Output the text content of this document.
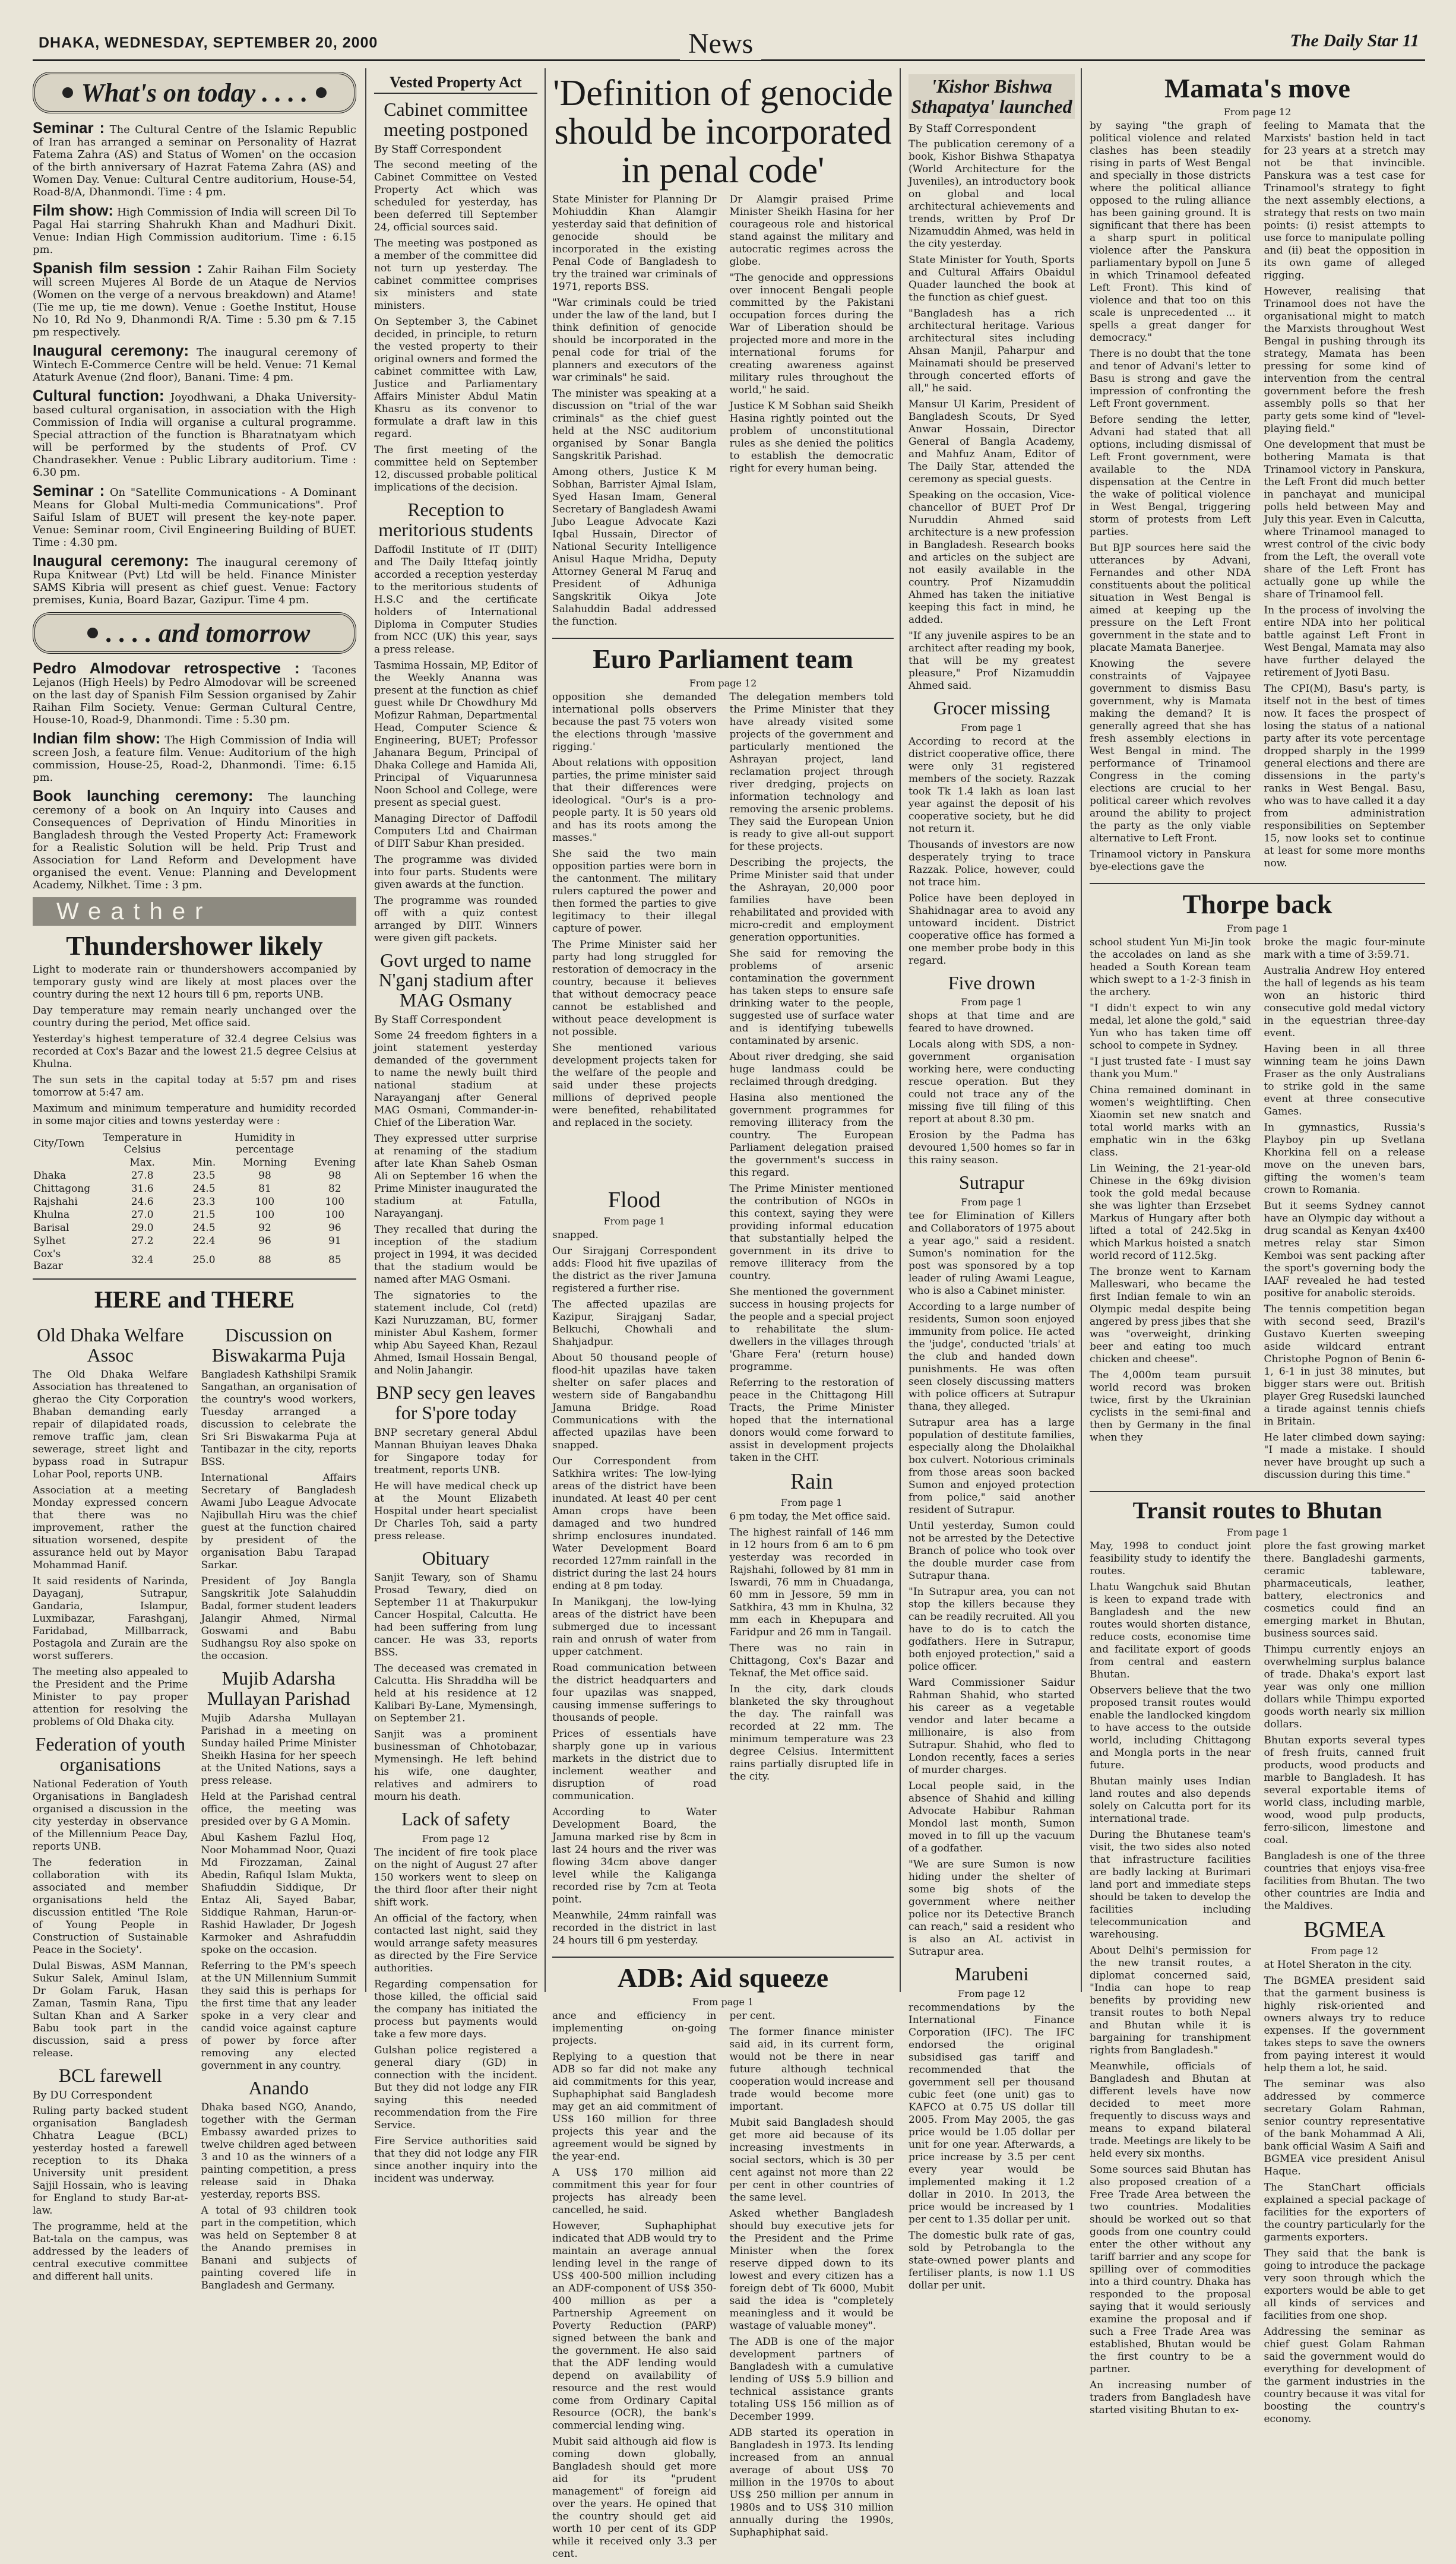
DHAKA, WEDNESDAY, SEPTEMBER 20, 2000	News	The Daily Star 11
What's on today . . . .

Seminar : The Cultural Centre of the Islamic Republic of Iran has arranged a seminar on Personality of Hazrat Fatema Zahra (AS) and Status of Women' on the occasion of the birth anniversary of Hazrat Fatema Zahra (AS) and Women Day. Venue: Cultural Centre auditorium, House-54, Road-8/A, Dhanmondi. Time : 4 pm.

Film show: High Commission of India will screen Dil To Pagal Hai starring Shahrukh Khan and Madhuri Dixit. Venue: Indian High Commission auditorium. Time : 6.15 pm.

Spanish film session : Zahir Raihan Film Society will screen Mujeres Al Borde de un Ataque de Nervios (Women on the verge of a nervous breakdown) and Atame! (Tie me up, tie me down). Venue : Goethe Institut, House No 10, Rd No 9, Dhanmondi R/A. Time : 5.30 pm & 7.15 pm respectively.

Inaugural ceremony: The inaugural ceremony of Wintech E-Commerce Centre will be held. Venue: 71 Kemal Ataturk Avenue (2nd floor), Banani. Time: 4 pm.

Cultural function: Joyodhwani, a Dhaka University-based cultural organisation, in association with the High Commission of India will organise a cultural programme. Special attraction of the function is Bharatnatyam which will be performed by the students of Prof. CV Chandrasekher. Venue : Public Library auditorium. Time : 6.30 pm.

Seminar : On "Satellite Communications - A Dominant Means for Global Multi-media Communications". Prof Saiful Islam of BUET will present the key-note paper. Venue: Seminar room, Civil Engineering Building of BUET. Time : 4.30 pm.

Inaugural ceremony: The inaugural ceremony of Rupa Knitwear (Pvt) Ltd will be held. Finance Minister SAMS Kibria will present as chief guest. Venue: Factory premises, Kunia, Board Bazar, Gazipur. Time 4 pm.

. . . . and tomorrow

Pedro Almodovar retrospective : Tacones Lejanos (High Heels) by Pedro Almodovar will be screened on the last day of Spanish Film Session organised by Zahir Raihan Film Society. Venue: German Cultural Centre, House-10, Road-9, Dhanmondi. Time : 5.30 pm.

Indian film show: The High Commission of India will screen Josh, a feature film. Venue: Auditorium of the high commission, House-25, Road-2, Dhanmondi. Time: 6.15 pm.

Book launching ceremony: The launching ceremony of a book on An Inquiry into Causes and Consequences of Deprivation of Hindu Minorities in Bangladesh through the Vested Property Act: Framework for a Realistic Solution will be held. Prip Trust and Association for Land Reform and Development have organised the event. Venue: Planning and Development Academy, Nilkhet. Time : 3 pm.

Weather
Thundershower likely

Light to moderate rain or thundershowers accompanied by temporary gusty wind are likely at most places over the country during the next 12 hours till 6 pm, reports UNB.

Day temperature may remain nearly unchanged over the country during the period, Met office said.

Yesterday's highest temperature of 32.4 degree Celsius was recorded at Cox's Bazar and the lowest 21.5 degree Celsius at Khulna.

The sun sets in the capital today at 5:57 pm and rises tomorrow at 5:47 am.

Maximum and minimum temperature and humidity recorded in some major cities and towns yesterday were :

City/Town	Temperature in Celsius		Humidity in percentage	
	Max.	Min.	Morning	Evening
Dhaka	27.8	23.5	98	98
Chittagong	31.6	24.5	81	82
Rajshahi	24.6	23.3	100	100
Khulna	27.0	21.5	100	100
Barisal	29.0	24.5	92	96
Sylhet	27.2	22.4	96	91
Cox's Bazar	32.4	25.0	88	85
HERE and THERE
Old Dhaka Welfare Assoc

The Old Dhaka Welfare Association has threatened to gherao the City Corporation Bhaban demanding early repair of dilapidated roads, remove traffic jam, clean sewerage, street light and bypass road in Sutrapur Lohar Pool, reports UNB.

Association at a meeting Monday expressed concern that there was no improvement, rather the situation worsened, despite assurance held out by Mayor Mohammad Hanif.

It said residents of Narinda, Dayaganj, Sutrapur, Gandaria, Islampur, Luxmibazar, Farashganj, Faridabad, Millbarrack, Postagola and Zurain are the worst sufferers.

The meeting also appealed to the President and the Prime Minister to pay proper attention for resolving the problems of Old Dhaka city.

Federation of youth organisations

National Federation of Youth Organisations in Bangladesh organised a discussion in the city yesterday in observance of the Millennium Peace Day, reports UNB.

The federation in collaboration with its associated and member organisations held the discussion entitled 'The Role of Young People in Construction of Sustainable Peace in the Society'.

Dulal Biswas, ASM Mannan, Sukur Salek, Aminul Islam, Dr Golam Faruk, Hasan Zaman, Tasmin Rana, Tipu Sultan Khan and A Sarker Babu took part in the discussion, said a press release.

BCL farewell
By DU Correspondent

Ruling party backed student organisation Bangladesh Chhatra League (BCL) yesterday hosted a farewell reception to its Dhaka University unit president Sajjil Hossain, who is leaving for England to study Bar-at-law.

The programme, held at the Bat-tala on the campus, was addressed by the leaders of central executive committee and different hall units.

Discussion on Biswakarma Puja

Bangladesh Kathshilpi Sramik Sangathan, an organisation of the country's wood workers, Tuesday arranged a discussion to celebrate the Sri Sri Biswakarma Puja at Tantibazar in the city, reports BSS.

International Affairs Secretary of Bangladesh Awami Jubo League Advocate Najibullah Hiru was the chief guest at the function chaired by president of the organisation Babu Tarapad Sarkar.

President of Joy Bangla Sangskritik Jote Salahuddin Badal, former student leaders Jalangir Ahmed, Nirmal Goswami and Babu Sudhangsu Roy also spoke on the occasion.

Mujib Adarsha Mullayan Parishad

Mujib Adarsha Mullayan Parishad in a meeting on Sunday hailed Prime Minister Sheikh Hasina for her speech at the United Nations, says a press release.

Held at the Parishad central office, the meeting was presided over by G A Momin.

Abul Kashem Fazlul Hoq, Noor Mohammad Noor, Quazi Md Firozzaman, Zainal Abedin, Rafiqul Islam Mukta, Shafiuddin Siddique, Dr Entaz Ali, Sayed Babar, Siddique Rahman, Harun-or-Rashid Hawlader, Dr Jogesh Karmoker and Ashrafuddin spoke on the occasion.

Referring to the PM's speech at the UN Millennium Summit they said this is perhaps for the first time that any leader spoke in a very clear and candid voice against capture of power by force after removing any elected government in any country.

Anando

Dhaka based NGO, Anando, together with the German Embassy awarded prizes to twelve children aged between 3 and 10 as the winners of a painting competition, a press release said in Dhaka yesterday, reports BSS.

A total of 93 children took part in the competition, which was held on September 8 at the Anando premises in Banani and subjects of painting covered life in Bangladesh and Germany.

Vested Property Act
Cabinet committee meeting postponed
By Staff Correspondent

The second meeting of the Cabinet Committee on Vested Property Act which was scheduled for yesterday, has been deferred till September 24, official sources said.

The meeting was postponed as a member of the committee did not turn up yesterday. The cabinet committee comprises six ministers and state ministers.

On September 3, the Cabinet decided, in principle, to return the vested property to their original owners and formed the cabinet committee with Law, Justice and Parliamentary Affairs Minister Abdul Matin Khasru as its convenor to formulate a draft law in this regard.

The first meeting of the committee held on September 12, discussed probable political implications of the decision.

Reception to meritorious students

Daffodil Institute of IT (DIIT) and The Daily Ittefaq jointly accorded a reception yesterday to the meritorious students of H.S.C and the certificate holders of International Diploma in Computer Studies from NCC (UK) this year, says a press release.

Tasmima Hossain, MP, Editor of the Weekly Ananna was present at the function as chief guest while Dr Chowdhury Md Mofizur Rahman, Departmental Head, Computer Science & Engineering, BUET; Professor Jahanara Begum, Principal of Dhaka College and Hamida Ali, Principal of Viquarunnesa Noon School and College, were present as special guest.

Managing Director of Daffodil Computers Ltd and Chairman of DIIT Sabur Khan presided.

The programme was divided into four parts. Students were given awards at the function.

The programme was rounded off with a quiz contest arranged by DIIT. Winners were given gift packets.

Govt urged to name N'ganj stadium after MAG Osmany
By Staff Correspondent

Some 24 freedom fighters in a joint statement yesterday demanded of the government to name the newly built third national stadium at Narayanganj after General MAG Osmani, Commander-in-Chief of the Liberation War.

They expressed utter surprise at renaming of the stadium after late Khan Saheb Osman Ali on September 16 when the Prime Minister inaugurated the stadium at Fatulla, Narayanganj.

They recalled that during the inception of the stadium project in 1994, it was decided that the stadium would be named after MAG Osmani.

The signatories to the statement include, Col (retd) Kazi Nuruzzaman, BU, former minister Abul Kashem, former whip Abu Sayeed Khan, Rezaul Ahmed, Ismail Hossain Bengal, and Nolin Jahangir.

BNP secy gen leaves for S'pore today

BNP secretary general Abdul Mannan Bhuiyan leaves Dhaka for Singapore today for treatment, reports UNB.

He will have medical check up at the Mount Elizabeth Hospital under heart specialist Dr Charles Toh, said a party press release.

Obituary

Sanjit Tewary, son of Shamu Prosad Tewary, died on September 11 at Thakurpukur Cancer Hospital, Calcutta. He had been suffering from lung cancer. He was 33, reports BSS.

The deceased was cremated in Calcutta. His Shraddha will be held at his residence at 12 Kalibari By-Lane, Mymensingh, on September 21.

Sanjit was a prominent businessman of Chhotobazar, Mymensingh. He left behind his wife, one daughter, relatives and admirers to mourn his death.

Lack of safety
From page 12

The incident of fire took place on the night of August 27 after 150 workers went to sleep on the third floor after their night shift work.

An official of the factory, when contacted last night, said they would arrange safety measures as directed by the Fire Service authorities.

Regarding compensation for those killed, the official said the company has initiated the process but payments would take a few more days.

Gulshan police registered a general diary (GD) in connection with the incident. But they did not lodge any FIR saying this needed recommendation from the Fire Service.

Fire Service authorities said that they did not lodge any FIR since another inquiry into the incident was underway.

'Definition of genocide should be incorporated in penal code'

State Minister for Planning Dr Mohiuddin Khan Alamgir yesterday said that definition of genocide should be incorporated in the existing Penal Code of Bangladesh to try the trained war criminals of 1971, reports BSS.

"War criminals could be tried under the law of the land, but I think definition of genocide should be incorporated in the penal code for trial of the planners and executors of the war criminals" he said.

The minister was speaking at a discussion on "trial of the war criminals" as the chief guest held at the NSC auditorium organised by Sonar Bangla Sangskritik Parishad.

Among others, Justice K M Sobhan, Barrister Ajmal Islam, Syed Hasan Imam, General Secretary of Bangladesh Awami Jubo League Advocate Kazi Iqbal Hussain, Director of National Security Intelligence Anisul Haque Mridha, Deputy Attorney General M Faruq and President of Adhuniga Sangskritik Oikya Jote Salahuddin Badal addressed the function.

Dr Alamgir praised Prime Minister Sheikh Hasina for her courageous role and historical stand against the military and autocratic regimes across the globe.

"The genocide and oppressions over innocent Bengali people committed by the Pakistani occupation forces during the War of Liberation should be projected more and more in the international forums for creating awareness against military rules throughout the world," he said.

Justice K M Sobhan said Sheikh Hasina rightly pointed out the problem of unconstitutional rules as she denied the politics to establish the democratic right for every human being.

Euro Parliament team
From page 12

opposition she demanded international polls observers because the past 75 voters won the elections through 'massive rigging.'

About relations with opposition parties, the prime minister said that their differences were ideological. "Our's is a pro-people party. It is 50 years old and has its roots among the masses."

She said the two main opposition parties were born in the cantonment. The military rulers captured the power and then formed the parties to give legitimacy to their illegal capture of power.

The Prime Minister said her party had long struggled for restoration of democracy in the country, because it believes that without democracy peace cannot be established and without peace development is not possible.

She mentioned various development projects taken for the welfare of the people and said under these projects millions of deprived people were benefited, rehabilitated and replaced in the society.

The delegation members told the Prime Minister that they have already visited some projects of the government and particularly mentioned the Ashrayan project, land reclamation project through river dredging, projects on information technology and removing the arsenic problems. They said the European Union is ready to give all-out support for these projects.

Describing the projects, the Prime Minister said that under the Ashrayan, 20,000 poor families have been rehabilitated and provided with micro-credit and employment generation opportunities.

She said for removing the problems of arsenic contamination the government has taken steps to ensure safe drinking water to the people, suggested use of surface water and is identifying tubewells contaminated by arsenic.

About river dredging, she said huge landmass could be reclaimed through dredging.

Hasina also mentioned the government programmes for removing illiteracy from the country. The European Parliament delegation praised the government's success in this regard.

Flood
From page 1

snapped.

Our Sirajganj Correspondent adds: Flood hit five upazilas of the district as the river Jamuna registered a further rise.

The affected upazilas are Kazipur, Sirajganj Sadar, Belkuchi, Chowhali and Shahjadpur.

About 50 thousand people of flood-hit upazilas have taken shelter on safer places and western side of Bangabandhu Jamuna Bridge. Road Communications with the affected upazilas have been snapped.

Our Correspondent from Satkhira writes: The low-lying areas of the district have been inundated. At least 40 per cent Aman crops have been damaged and two hundred shrimp enclosures inundated. Water Development Board recorded 127mm rainfall in the district during the last 24 hours ending at 8 pm today.

In Manikganj, the low-lying areas of the district have been submerged due to incessant rain and onrush of water from upper catchment.

Road communication between the district headquarters and four upazilas was snapped, causing immense sufferings to thousands of people.

Prices of essentials have sharply gone up in various markets in the district due to inclement weather and disruption of road communication.

According to Water Development Board, the Jamuna marked rise by 8cm in last 24 hours and the river was flowing 34cm above danger level while the Kaliganga recorded rise by 7cm at Teota point.

Meanwhile, 24mm rainfall was recorded in the district in last 24 hours till 6 pm yesterday.

The Prime Minister mentioned the contribution of NGOs in this context, saying they were providing informal education that substantially helped the government in its drive to remove illiteracy from the country.

She mentioned the government success in housing projects for the people and a special project to rehabilitate the slum-dwellers in the villages through 'Ghare Fera' (return house) programme.

Referring to the restoration of peace in the Chittagong Hill Tracts, the Prime Minister hoped that the international donors would come forward to assist in development projects taken in the CHT.

Rain
From page 1

6 pm today, the Met office said.

The highest rainfall of 146 mm in 12 hours from 6 am to 6 pm yesterday was recorded in Rajshahi, followed by 81 mm in Iswardi, 76 mm in Chuadanga, 60 mm in Jessore, 59 mm in Satkhira, 43 mm in Khulna, 32 mm each in Khepupara and Faridpur and 26 mm in Tangail.

There was no rain in Chittagong, Cox's Bazar and Teknaf, the Met office said.

In the city, dark clouds blanketed the sky throughout the day. The rainfall was recorded at 22 mm. The minimum temperature was 23 degree Celsius. Intermittent rains partially disrupted life in the city.

ADB: Aid squeeze
From page 1

ance and efficiency in implementing on-going projects.

Replying to a question that ADB so far did not make any aid commitments for this year, Suphaphiphat said Bangladesh may get an aid commitment of US$ 160 million for three projects this year and the agreement would be signed by the year-end.

A US$ 170 million aid commitment this year for four projects has already been cancelled, he said.

However, Suphaphiphat indicated that ADB would try to maintain an average annual lending level in the range of US$ 400-500 million including an ADF-component of US$ 350-400 million as per a Partnership Agreement on Poverty Reduction (PARP) signed between the bank and the government. He also said that the ADF lending would depend on availability of resource and the rest would come from Ordinary Capital Resource (OCR), the bank's commercial lending wing.

Mubit said although aid flow is coming down globally, Bangladesh should get more aid for its "prudent management" of foreign aid over the years. He opined that the country should get aid worth 10 per cent of its GDP while it received only 3.3 per cent.

per cent.

The former finance minister said aid, in its current form, would not be there in near future although technical cooperation would increase and trade would become more important.

Mubit said Bangladesh should get more aid because of its increasing investments in social sectors, which is 30 per cent against not more than 22 per cent in other countries of the same level.

Asked whether Bangladesh should buy executive jets for the President and the Prime Minister when the forex reserve dipped down to its lowest and every citizen has a foreign debt of Tk 6000, Mubit said the idea is "completely meaningless and it would be wastage of valuable money".

The ADB is one of the major development partners of Bangladesh with a cumulative lending of US$ 5.9 billion and technical assistance grants totaling US$ 156 million as of December 1999.

ADB started its operation in Bangladesh in 1973. Its lending increased from an annual average of about US$ 70 million in the 1970s to about US$ 250 million per annum in 1980s and to US$ 310 million annually during the 1990s, Suphaphiphat said.

'Kishor Bishwa Sthapatya' launched
By Staff Correspondent

The publication ceremony of a book, Kishor Bishwa Sthapatya (World Architecture for the Juveniles), an introductory book on global and local architectural achievements and trends, written by Prof Dr Nizamuddin Ahmed, was held in the city yesterday.

State Minister for Youth, Sports and Cultural Affairs Obaidul Quader launched the book at the function as chief guest.

"Bangladesh has a rich architectural heritage. Various architectural sites including Ahsan Manjil, Paharpur and Mainamati should be preserved through concerted efforts of all," he said.

Mansur Ul Karim, President of Bangladesh Scouts, Dr Syed Anwar Hossain, Director General of Bangla Academy, and Mahfuz Anam, Editor of The Daily Star, attended the ceremony as special guests.

Speaking on the occasion, Vice-chancellor of BUET Prof Dr Nuruddin Ahmed said architecture is a new profession in Bangladesh. Research books and articles on the subject are not easily available in the country. Prof Nizamuddin Ahmed has taken the initiative keeping this fact in mind, he added.

"If any juvenile aspires to be an architect after reading my book, that will be my greatest pleasure," Prof Nizamuddin Ahmed said.

Grocer missing
From page 1

According to record at the district cooperative office, there were only 31 registered members of the society. Razzak took Tk 1.4 lakh as loan last year against the deposit of his cooperative society, but he did not return it.

Thousands of investors are now desperately trying to trace Razzak. Police, however, could not trace him.

Police have been deployed in Shahidnagar area to avoid any untoward incident. District cooperative office has formed a one member probe body in this regard.

Five drown
From page 1

shops at that time and are feared to have drowned.

Locals along with SDS, a non-government organisation working here, were conducting rescue operation. But they could not trace any of the missing five till filing of this report at about 8.30 pm.

Erosion by the Padma has devoured 1,500 homes so far in this rainy season.

Sutrapur
From page 1

tee for Elimination of Killers and Collaborators of 1975 about a year ago," said a resident. Sumon's nomination for the post was sponsored by a top leader of ruling Awami League, who is also a Cabinet minister.

According to a large number of residents, Sumon soon enjoyed immunity from police. He acted the 'judge', conducted 'trials' at the club and handed down punishments. He was often seen closely discussing matters with police officers at Sutrapur thana, they alleged.

Sutrapur area has a large population of destitute families, especially along the Dholaikhal box culvert. Notorious criminals from those areas soon backed Sumon and enjoyed protection from police," said another resident of Sutrapur.

Until yesterday, Sumon could not be arrested by the Detective Branch of police who took over the double murder case from Sutrapur thana.

"In Sutrapur area, you can not stop the killers because they can be readily recruited. All you have to do is to catch the godfathers. Here in Sutrapur, both enjoyed protection," said a police officer.

Ward Commissioner Saidur Rahman Shahid, who started his career as a vegetable vendor and later became a millionaire, is also from Sutrapur. Shahid, who fled to London recently, faces a series of murder charges.

Local people said, in the absence of Shahid and killing Advocate Habibur Rahman Mondol last month, Sumon moved in to fill up the vacuum of a godfather.

"We are sure Sumon is now hiding under the shelter of some big shots of the government where neither police nor its Detective Branch can reach," said a resident who is also an AL activist in Sutrapur area.

Marubeni
From page 12

recommendations by the International Finance Corporation (IFC). The IFC endorsed the original subsidised gas tariff and recommended that the government sell per thousand cubic feet (one unit) gas to KAFCO at 0.75 US dollar till 2005. From May 2005, the gas price would be 1.05 dollar per unit for one year. Afterwards, a price increase by 3.5 per cent every year would be implemented making it 1.2 dollar in 2010. In 2013, the price would be increased by 1 per cent to 1.35 dollar per unit.

The domestic bulk rate of gas, sold by Petrobangla to the state-owned power plants and fertiliser plants, is now 1.1 US dollar per unit.

Mamata's move
From page 12

by saying "the graph of political violence and related clashes has been steadily rising in parts of West Bengal and specially in those districts where the political alliance opposed to the ruling alliance has been gaining ground. It is significant that there has been a sharp spurt in political violence after the Panskura parliamentary bypoll on June 5 in which Trinamool defeated Left Front). This kind of violence and that too on this scale is unprecedented ... it spells a great danger for democracy."

There is no doubt that the tone and tenor of Advani's letter to Basu is strong and gave the impression of confronting the Left Front government.

Before sending the letter, Advani had stated that all options, including dismissal of Left Front government, were available to the NDA dispensation at the Centre in the wake of political violence in West Bengal, triggering storm of protests from Left parties.

But BJP sources here said the utterances by Advani, Fernandes and other NDA constituents about the political situation in West Bengal is aimed at keeping up the pressure on the Left Front government in the state and to placate Mamata Banerjee.

Knowing the severe constraints of Vajpayee government to dismiss Basu government, why is Mamata making the demand? It is generally agreed that she has fresh assembly elections in West Bengal in mind. The performance of Trinamool Congress in the coming elections are crucial to her political career which revolves around the ability to project the party as the only viable alternative to Left Front.

Trinamool victory in Panskura bye-elections gave the

feeling to Mamata that the Marxists' bastion held in tact for 23 years at a stretch may not be that invincible. Panskura was a test case for Trinamool's strategy to fight the next assembly elections, a strategy that rests on two main points: (i) resist attempts to use force to manipulate polling and (ii) beat the opposition in its own game of alleged rigging.

However, realising that Trinamool does not have the organisational might to match the Marxists throughout West Bengal in pushing through its strategy, Mamata has been pressing for some kind of intervention from the central government before the fresh assembly polls so that her party gets some kind of "level-playing field."

One development that must be bothering Mamata is that Trinamool victory in Panskura, the Left Front did much better in panchayat and municipal polls held between May and July this year. Even in Calcutta, where Trinamool managed to wrest control of the civic body from the Left, the overall vote share of the Left Front has actually gone up while the share of Trinamool fell.

In the process of involving the entire NDA into her political battle against Left Front in West Bengal, Mamata may also have further delayed the retirement of Jyoti Basu.

The CPI(M), Basu's party, is itself not in the best of times now. It faces the prospect of losing the status of a national party after its vote percentage dropped sharply in the 1999 general elections and there are dissensions in the party's ranks in West Bengal. Basu, who was to have called it a day from administration responsibilities on September 15, now looks set to continue at least for some more months now.

Thorpe back
From page 1

school student Yun Mi-Jin took the accolades on land as she headed a South Korean team which swept to a 1-2-3 finish in the archery.

"I didn't expect to win any medal, let alone the gold," said Yun who has taken time off school to compete in Sydney.

"I just trusted fate - I must say thank you Mum."

China remained dominant in women's weightlifting. Chen Xiaomin set new snatch and total world marks with an emphatic win in the 63kg class.

Lin Weining, the 21-year-old Chinese in the 69kg division took the gold medal because she was lighter than Erzsebet Markus of Hungary after both lifted a total of 242.5kg in which Markus hoisted a snatch world record of 112.5kg.

The bronze went to Karnam Malleswari, who became the first Indian female to win an Olympic medal despite being angered by press jibes that she was "overweight, drinking beer and eating too much chicken and cheese".

The 4,000m team pursuit world record was broken twice, first by the Ukrainian cyclists in the semi-final and then by Germany in the final when they

broke the magic four-minute mark with a time of 3:59.71.

Australia Andrew Hoy entered the hall of legends as his team won an historic third consecutive gold medal victory in the equestrian three-day event.

Having been in all three winning team he joins Dawn Fraser as the only Australians to strike gold in the same event at three consecutive Games.

In gymnastics, Russia's Playboy pin up Svetlana Khorkina fell on a release move on the uneven bars, gifting the women's team crown to Romania.

But it seems Sydney cannot have an Olympic day without a drug scandal as Kenyan 4x400 metres relay star Simon Kemboi was sent packing after the sport's governing body the IAAF revealed he had tested positive for anabolic steroids.

The tennis competition began with second seed, Brazil's Gustavo Kuerten sweeping aside wildcard entrant Christophe Pognon of Benin 6-1, 6-1 in just 38 minutes, but bigger stars were out. British player Greg Rusedski launched a tirade against tennis chiefs in Britain.

He later climbed down saying: "I made a mistake. I should never have brought up such a discussion during this time."

Transit routes to Bhutan
From page 1

May, 1998 to conduct joint feasibility study to identify the routes.

Lhatu Wangchuk said Bhutan is keen to expand trade with Bangladesh and the new routes would shorten distance, reduce costs, economise time and facilitate export of goods from central and eastern Bhutan.

Observers believe that the two proposed transit routes would enable the landlocked kingdom to have access to the outside world, including Chittagong and Mongla ports in the near future.

Bhutan mainly uses Indian land routes and also depends solely on Calcutta port for its international trade.

During the Bhutanese team's visit, the two sides also noted that infrastructure facilities are badly lacking at Burimari land port and immediate steps should be taken to develop the facilities including telecommunication and warehousing.

About Delhi's permission for the new transit routes, a diplomat concerned said, "India can hope to reap benefits by providing new transit routes to both Nepal and Bhutan while it is bargaining for transhipment rights from Bangladesh."

Meanwhile, officials of Bangladesh and Bhutan at different levels have now decided to meet more frequently to discuss ways and means to expand bilateral trade. Meetings are likely to be held every six months.

Some sources said Bhutan has also proposed creation of a Free Trade Area between the two countries. Modalities should be worked out so that goods from one country could enter the other without any tariff barrier and any scope for spilling over of commodities into a third country. Dhaka has responded to the proposal saying that it would seriously examine the proposal and if such a Free Trade Area was established, Bhutan would be the first country to be a partner.

An increasing number of traders from Bangladesh have started visiting Bhutan to ex-

plore the fast growing market there. Bangladeshi garments, ceramic tableware, pharmaceuticals, leather, battery, electronics and cosmetics could find an emerging market in Bhutan, business sources said.

Thimpu currently enjoys an overwhelming surplus balance of trade. Dhaka's export last year was only one million dollars while Thimpu exported goods worth nearly six million dollars.

Bhutan exports several types of fresh fruits, canned fruit products, wood products and marble to Bangladesh. It has several exportable items of world class, including marble, wood, wood pulp products, ferro-silicon, limestone and coal.

Bangladesh is one of the three countries that enjoys visa-free facilities from Bhutan. The two other countries are India and the Maldives.

BGMEA
From page 12

at Hotel Sheraton in the city.

The BGMEA president said that the garment business is highly risk-oriented and owners always try to reduce expenses. If the government takes steps to save the owners from paying interest it would help them a lot, he said.

The seminar was also addressed by commerce secretary Golam Rahman, senior country representative of the bank Mohammad A Ali, bank official Wasim A Saifi and BGMEA vice president Anisul Haque.

The StanChart officials explained a special package of facilities for the exporters of the country particularly for the garments exporters.

They said that the bank is going to introduce the package very soon through which the exporters would be able to get all kinds of services and facilities from one shop.

Addressing the seminar as chief guest Golam Rahman said the government would do everything for development of the garment industries in the country because it was vital for boosting the country's economy.
